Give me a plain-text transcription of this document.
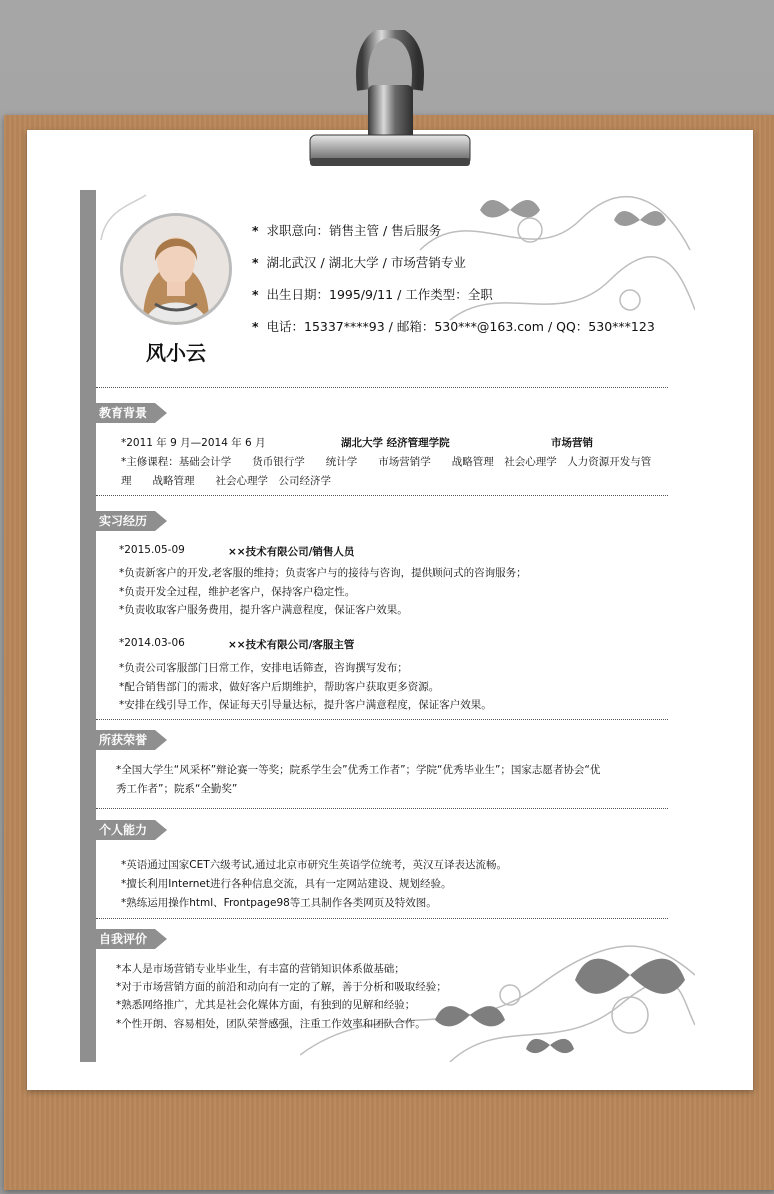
风小云
* 求职意向：销售主管 / 售后服务
* 湖北武汉 / 湖北大学 / 市场营销专业
* 出生日期：1995/9/11 / 工作类型：全职
* 电话：15337****93 / 邮箱：530***@163.com / QQ：530***123
教育背景
*2011 年 9 月—2014 年 6 月	湖北大学 经济管理学院	市场营销
*主修课程：基础会计学　　货币银行学　　统计学　　市场营销学　　战略管理　社会心理学　人力资源开发与管
理　　战略管理　　社会心理学　公司经济学
实习经历
*2015.05-09	××技术有限公司/销售人员
*负责新客户的开发,老客服的维持；负责客户与的接待与咨询，提供顾问式的咨询服务；
*负责开发全过程，维护老客户，保持客户稳定性。
*负责收取客户服务费用，提升客户满意程度，保证客户效果。
*2014.03-06	××技术有限公司/客服主管
*负责公司客服部门日常工作，安排电话筛查，咨询撰写发布；
*配合销售部门的需求，做好客户后期维护，帮助客户获取更多资源。
*安排在线引导工作，保证每天引导量达标，提升客户满意程度，保证客户效果。
所获荣誉
*全国大学生“风采杯”辩论赛一等奖；院系学生会”优秀工作者”；学院“优秀毕业生”；国家志愿者协会“优
秀工作者”；院系“全勤奖”
个人能力
*英语通过国家CET六级考试,通过北京市研究生英语学位统考，英汉互译表达流畅。
*擅长利用Internet进行各种信息交流，具有一定网站建设、规划经验。
*熟练运用操作html、Frontpage98等工具制作各类网页及特效图。
自我评价
*本人是市场营销专业毕业生，有丰富的营销知识体系做基础；
*对于市场营销方面的前沿和动向有一定的了解，善于分析和吸取经验；
*熟悉网络推广，尤其是社会化媒体方面，有独到的见解和经验；
*个性开朗、容易相处，团队荣誉感强，注重工作效率和团队合作。
